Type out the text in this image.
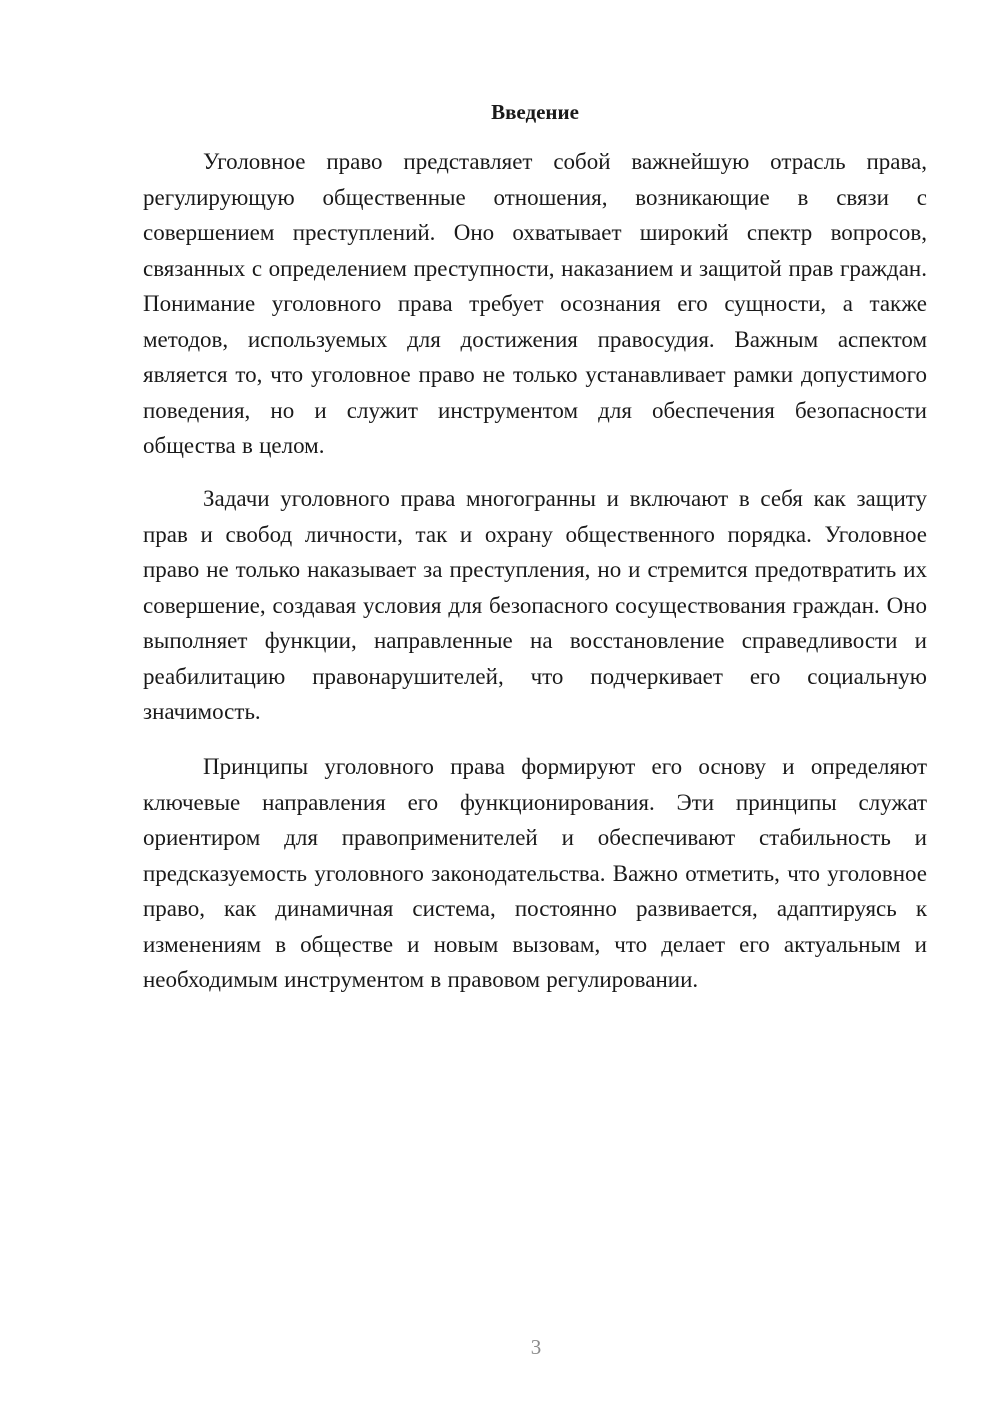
Введение

Уголовное право представляет собой важнейшую отрасль права, регулирующую общественные отношения, возникающие в связи с совершением преступлений. Оно охватывает широкий спектр вопросов, связанных с определением преступности, наказанием и защитой прав граждан. Понимание уголовного права требует осознания его сущности, а также методов, используемых для достижения правосудия. Важным аспектом является то, что уголовное право не только устанавливает рамки допустимого поведения, но и служит инструментом для обеспечения безопасности общества в целом.

Задачи уголовного права многогранны и включают в себя как защиту прав и свобод личности, так и охрану общественного порядка. Уголовное право не только наказывает за преступления, но и стремится предотвратить их совершение, создавая условия для безопасного сосуществования граждан. Оно выполняет функции, направленные на восстановление справедливости и реабилитацию правонарушителей, что подчеркивает его социальную значимость.

Принципы уголовного права формируют его основу и определяют ключевые направления его функционирования. Эти принципы служат ориентиром для правоприменителей и обеспечивают стабильность и предсказуемость уголовного законодательства. Важно отметить, что уголовное право, как динамичная система, постоянно развивается, адаптируясь к изменениям в обществе и новым вызовам, что делает его актуальным и необходимым инструментом в правовом регулировании.

3
